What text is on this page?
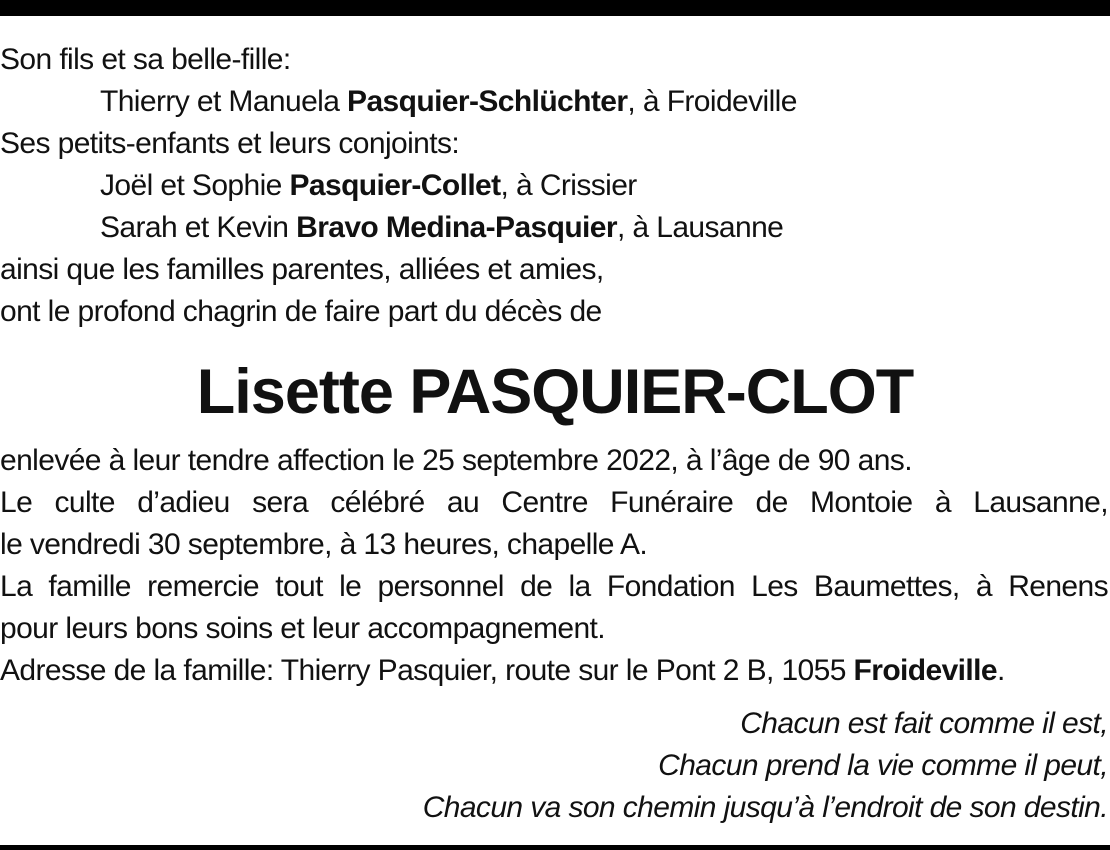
Son fils et sa belle-fille:
Thierry et Manuela Pasquier-Schlüchter, à Froideville
Ses petits-enfants et leurs conjoints:
Joël et Sophie Pasquier-Collet, à Crissier
Sarah et Kevin Bravo Medina-Pasquier, à Lausanne
ainsi que les familles parentes, alliées et amies,
ont le profond chagrin de faire part du décès de
Lisette PASQUIER-CLOT
enlevée à leur tendre affection le 25 septembre 2022, à l’âge de 90 ans.
Le culte d’adieu sera célébré au Centre Funéraire de Montoie à Lausanne,
le vendredi 30 septembre, à 13 heures, chapelle A.
La famille remercie tout le personnel de la Fondation Les Baumettes, à Renens
pour leurs bons soins et leur accompagnement.
Adresse de la famille: Thierry Pasquier, route sur le Pont 2 B, 1055 Froideville.
Chacun est fait comme il est,
Chacun prend la vie comme il peut,
Chacun va son chemin jusqu’à l’endroit de son destin.
